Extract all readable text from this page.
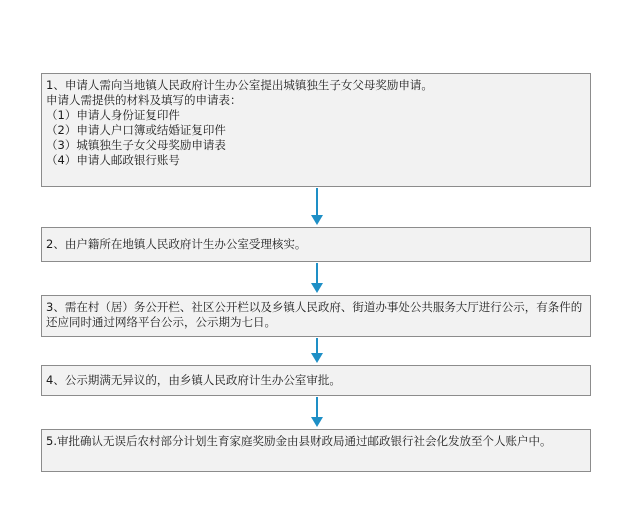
1、申请人需向当地镇人民政府计生办公室提出城镇独生子女父母奖励申请。
申请人需提供的材料及填写的申请表：
（1）申请人身份证复印件
（2）申请人户口簿或结婚证复印件
（3）城镇独生子女父母奖励申请表
（4）申请人邮政银行账号
2、由户籍所在地镇人民政府计生办公室受理核实。
3、需在村（居）务公开栏、社区公开栏以及乡镇人民政府、街道办事处公共服务大厅进行公示，有条件的还应同时通过网络平台公示，公示期为七日。
4、公示期满无异议的，由乡镇人民政府计生办公室审批。
5.审批确认无误后农村部分计划生育家庭奖励金由县财政局通过邮政银行社会化发放至个人账户中。
